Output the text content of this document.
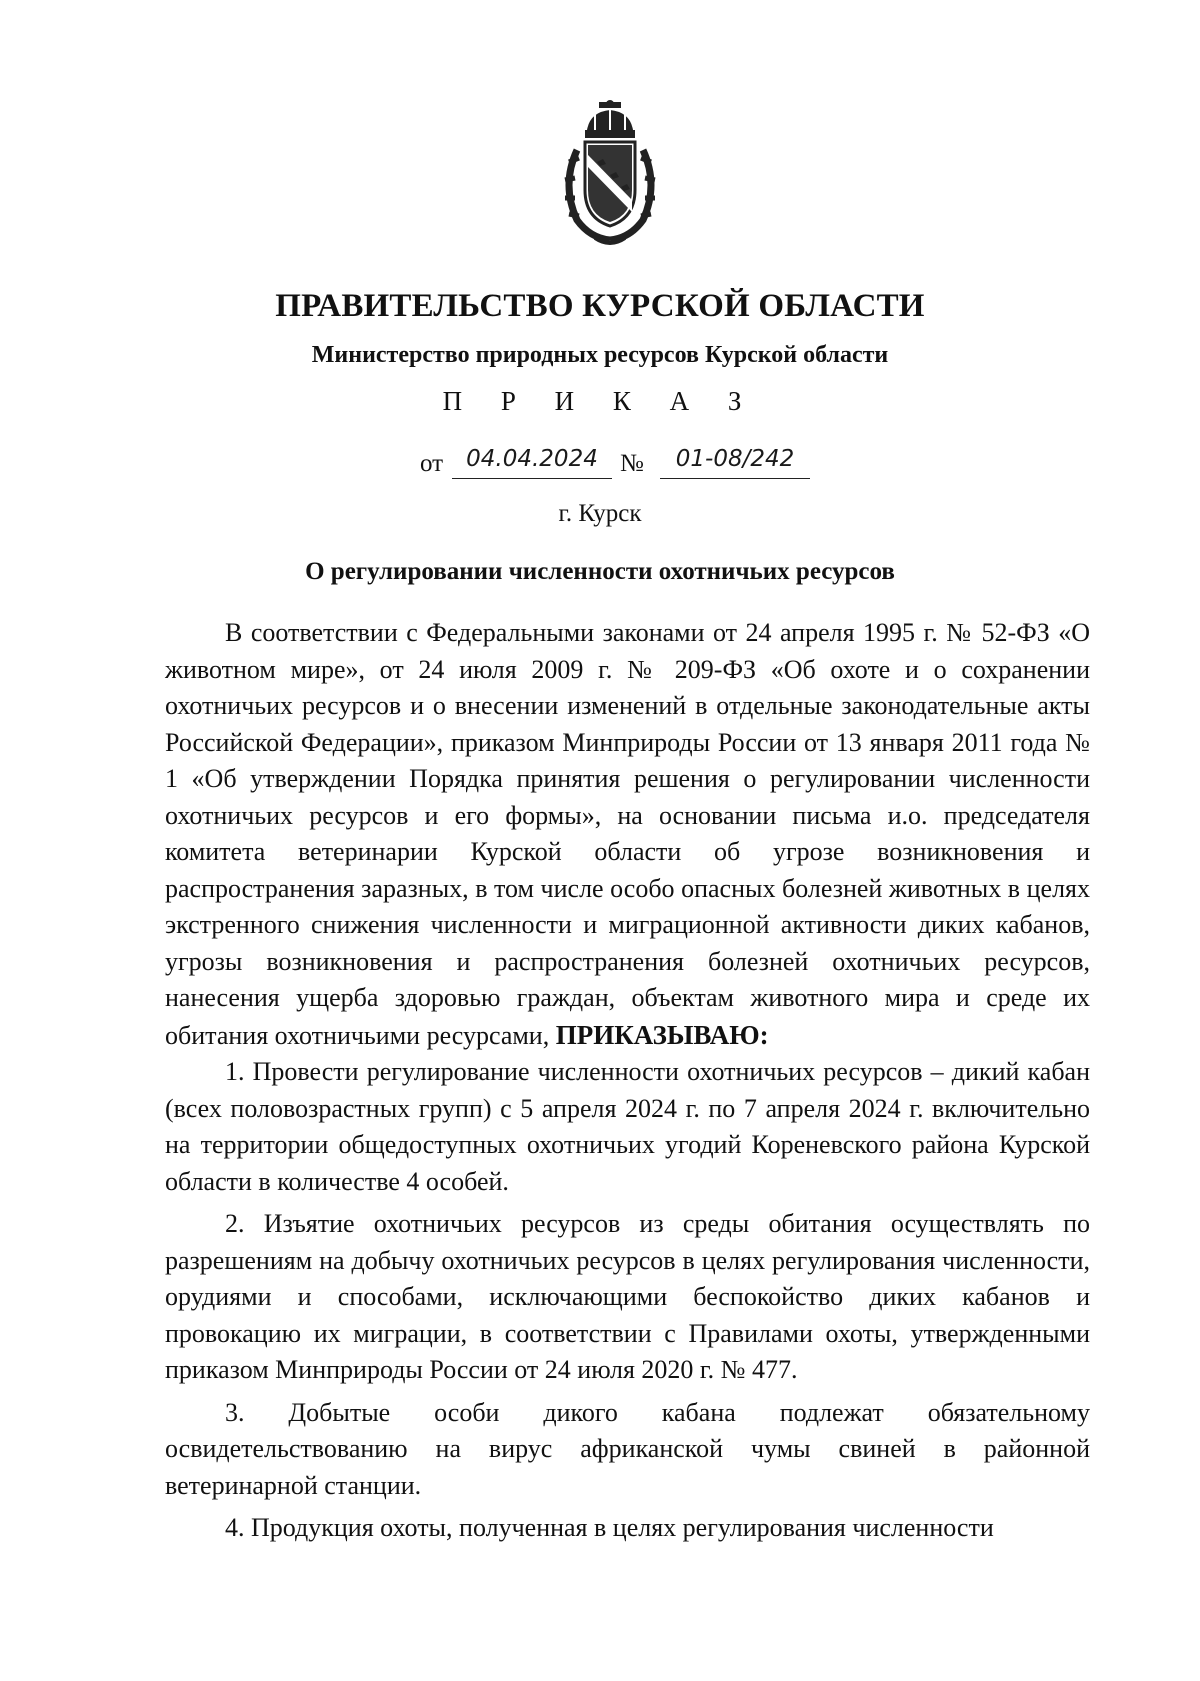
ПРАВИТЕЛЬСТВО КУРСКОЙ ОБЛАСТИ
Министерство природных ресурсов Курской области
П Р И К А З
от	04.04.2024 №	01-08/242
г. Курск
О регулировании численности охотничьих ресурсов

В соответствии с Федеральными законами от 24 апреля 1995 г. № 52-ФЗ «О животном мире», от 24 июля 2009 г. № 209-ФЗ «Об охоте и о сохранении охотничьих ресурсов и о внесении изменений в отдельные законодательные акты Российской Федерации», приказом Минприроды России от 13 января 2011 года № 1 «Об утверждении Порядка принятия решения о регулировании численности охотничьих ресурсов и его формы», на основании письма и.о. председателя комитета ветеринарии Курской области об угрозе возникновения и распространения заразных, в том числе особо опасных болезней животных в целях экстренного снижения численности и миграционной активности диких кабанов, угрозы возникновения и распространения болезней охотничьих ресурсов, нанесения ущерба здоровью граждан, объектам животного мира и среде их обитания охотничьими ресурсами, ПРИКАЗЫВАЮ:

1. Провести регулирование численности охотничьих ресурсов – дикий кабан (всех половозрастных групп) с 5 апреля 2024 г. по 7 апреля 2024 г. включительно на территории общедоступных охотничьих угодий Кореневского района Курской области в количестве 4 особей.

2. Изъятие охотничьих ресурсов из среды обитания осуществлять по разрешениям на добычу охотничьих ресурсов в целях регулирования численности, орудиями и способами, исключающими беспокойство диких кабанов и провокацию их миграции, в соответствии с Правилами охоты, утвержденными приказом Минприроды России от 24 июля 2020 г. № 477.

3. Добытые особи дикого кабана подлежат обязательному освидетельствованию на вирус африканской чумы свиней в районной ветеринарной станции.

4. Продукция охоты, полученная в целях регулирования численности
